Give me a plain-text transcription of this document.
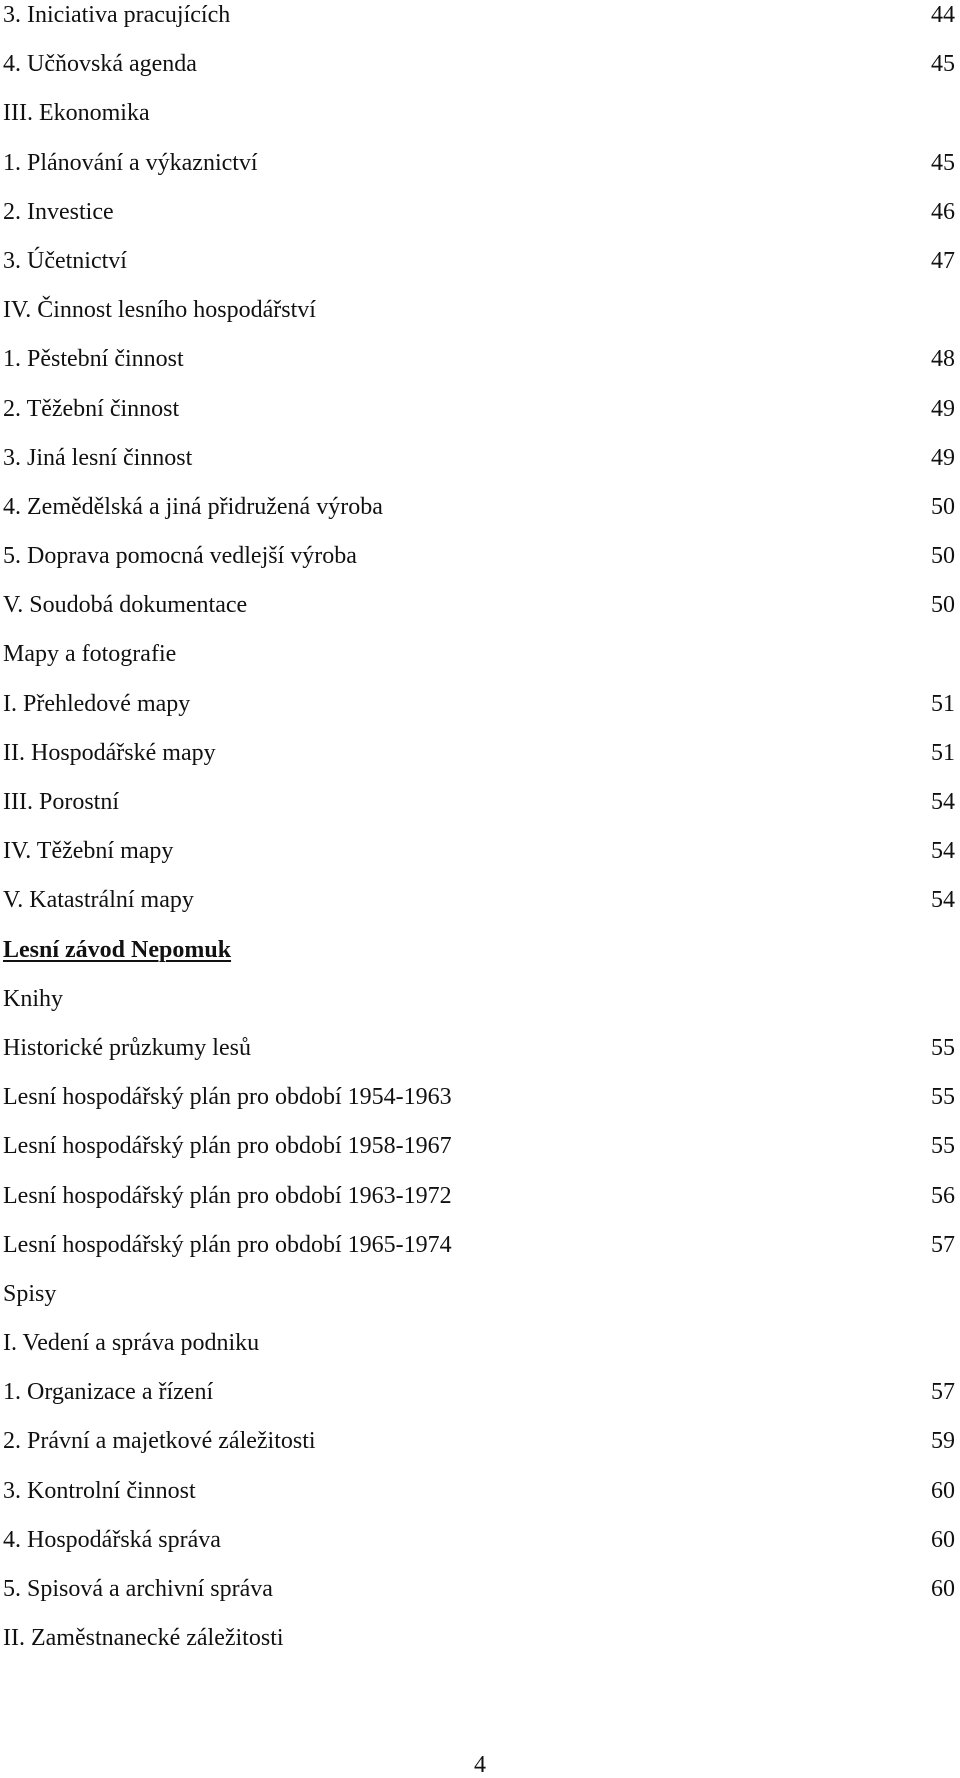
3. Iniciativa pracujících	44
4. Učňovská agenda	45
III. Ekonomika
1. Plánování a výkaznictví	45
2. Investice	46
3. Účetnictví	47
IV. Činnost lesního hospodářství
1. Pěstební činnost	48
2. Těžební činnost	49
3. Jiná lesní činnost	49
4. Zemědělská a jiná přidružená výroba	50
5. Doprava pomocná vedlejší výroba	50
V. Soudobá dokumentace	50
Mapy a fotografie
I. Přehledové mapy	51
II. Hospodářské mapy	51
III. Porostní	54
IV. Těžební mapy	54
V. Katastrální mapy	54
Lesní závod Nepomuk
Knihy
Historické průzkumy lesů	55
Lesní hospodářský plán pro období 1954-1963	55
Lesní hospodářský plán pro období 1958-1967	55
Lesní hospodářský plán pro období 1963-1972	56
Lesní hospodářský plán pro období 1965-1974	57
Spisy
I. Vedení a správa podniku
1. Organizace a řízení	57
2. Právní a majetkové záležitosti	59
3. Kontrolní činnost	60
4. Hospodářská správa	60
5. Spisová a archivní správa	60
II. Zaměstnanecké záležitosti
4
